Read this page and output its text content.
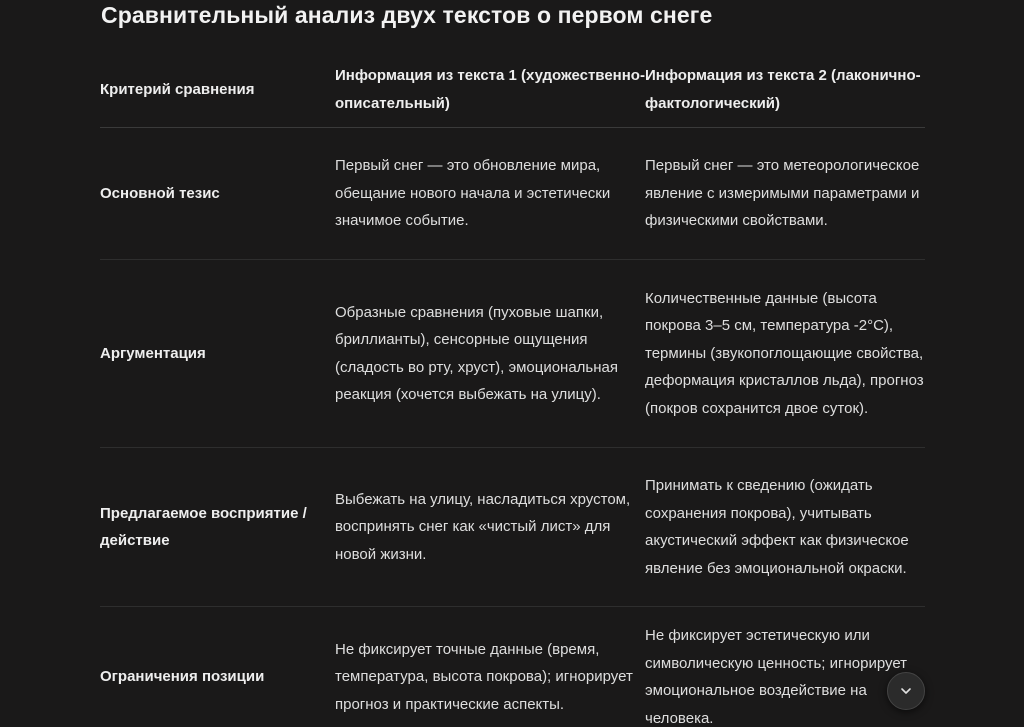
Сравнительный анализ двух текстов о первом снеге
Критерий сравнения	Информация из текста 1 (художественно-описательный)	Информация из текста 2 (лаконично-фактологический)
Основной тезис	Первый снег — это обновление мира, обещание нового начала и эстетически значимое событие.	Первый снег — это метеорологическое явление с измеримыми параметрами и физическими свойствами.
Аргументация	Образные сравнения (пуховые шапки, бриллианты), сенсорные ощущения (сладость во рту, хруст), эмоциональная реакция (хочется выбежать на улицу).	Количественные данные (высота покрова 3–5 см, температура -2°C), термины (звукопоглощающие свойства, деформация кристаллов льда), прогноз (покров сохранится двое суток).
Предлагаемое восприятие / действие	Выбежать на улицу, насладиться хрустом, воспринять снег как «чистый лист» для новой жизни.	Принимать к сведению (ожидать сохранения покрова), учитывать акустический эффект как физическое явление без эмоциональной окраски.
Ограничения позиции	Не фиксирует точные данные (время, температура, высота покрова); игнорирует прогноз и практические аспекты.	Не фиксирует эстетическую или символическую ценность; игнорирует эмоциональное воздействие на человека.
